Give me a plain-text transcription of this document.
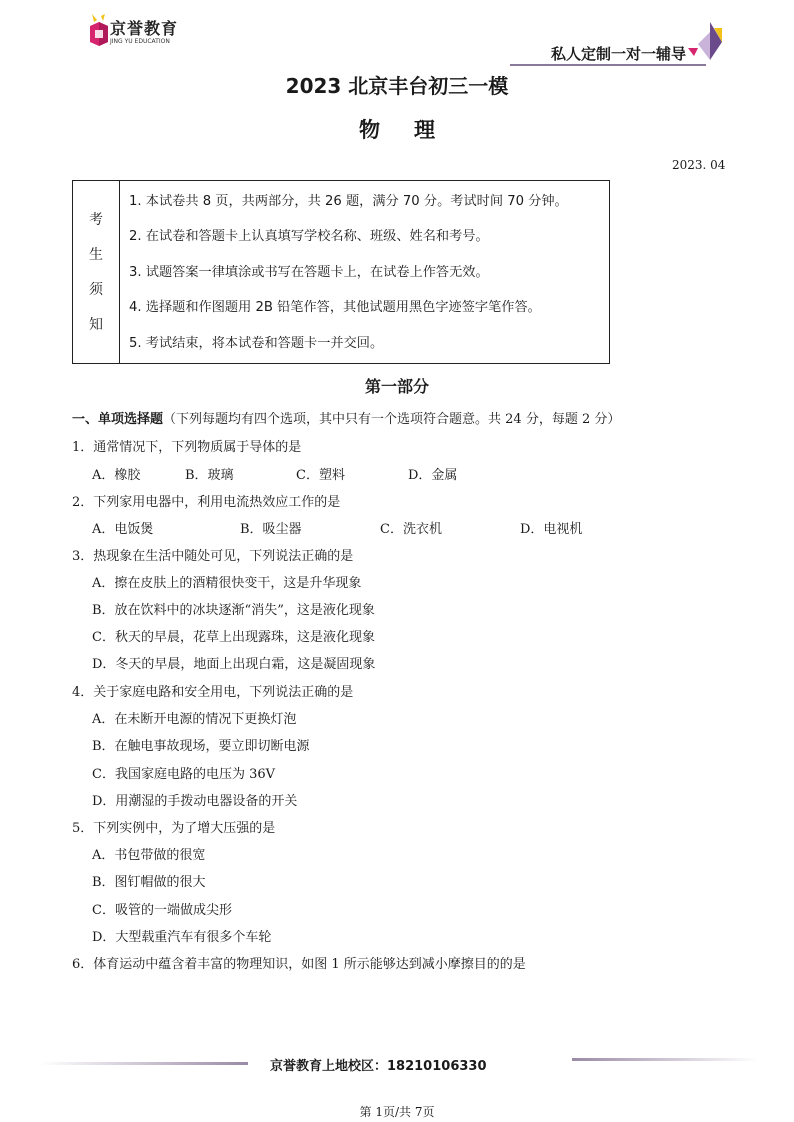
京誉教育
JING YU EDUCATION
私人定制一对一辅导
2023 北京丰台初三一模
物理
2023. 04
考
生
须
知
1. 本试卷共 8 页，共两部分，共 26 题，满分 70 分。考试时间 70 分钟。
2. 在试卷和答题卡上认真填写学校名称、班级、姓名和考号。
3. 试题答案一律填涂或书写在答题卡上，在试卷上作答无效。
4. 选择题和作图题用 2B 铅笔作答，其他试题用黑色字迹签字笔作答。
5. 考试结束，将本试卷和答题卡一并交回。
第一部分
一、单项选择题（下列每题均有四个选项，其中只有一个选项符合题意。共 24 分，每题 2 分）
1．通常情况下，下列物质属于导体的是
A．橡胶	B．玻璃	C．塑料	D．金属
2．下列家用电器中，利用电流热效应工作的是
A．电饭煲	B．吸尘器	C．洗衣机	D．电视机
3．热现象在生活中随处可见，下列说法正确的是
A．擦在皮肤上的酒精很快变干，这是升华现象
B．放在饮料中的冰块逐渐“消失”，这是液化现象
C．秋天的早晨，花草上出现露珠，这是液化现象
D．冬天的早晨，地面上出现白霜，这是凝固现象
4．关于家庭电路和安全用电，下列说法正确的是
A．在未断开电源的情况下更换灯泡
B．在触电事故现场，要立即切断电源
C．我国家庭电路的电压为 36V
D．用潮湿的手拨动电器设备的开关
5．下列实例中，为了增大压强的是
A．书包带做的很宽
B．图钉帽做的很大
C．吸管的一端做成尖形
D．大型载重汽车有很多个车轮
6．体育运动中蕴含着丰富的物理知识，如图 1 所示能够达到减小摩擦目的的是
京誉教育上地校区：18210106330
第 1页/共 7页
